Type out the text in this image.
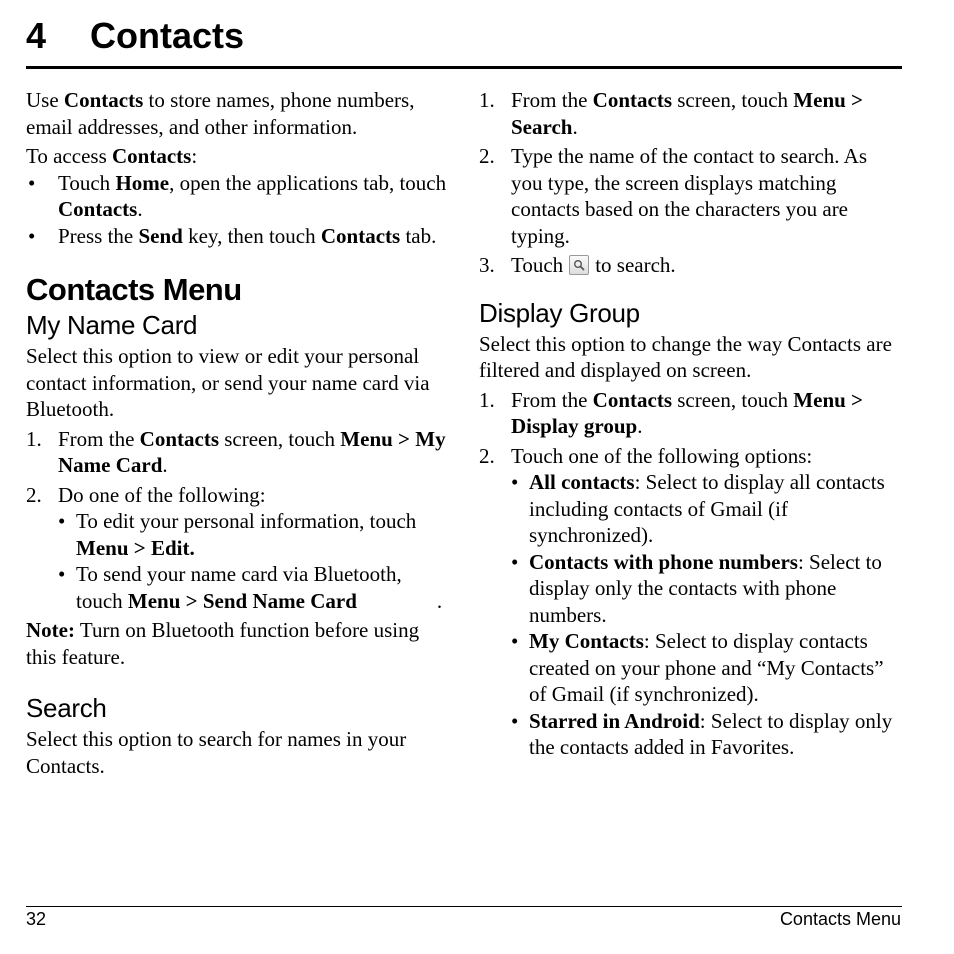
4 Contacts

Use Contacts to store names, phone numbers, email addresses, and other information.

To access Contacts:

• Touch Home, open the applications tab, touch Contacts.
• Press the Send key, then touch Contacts tab.
Contacts Menu
My Name Card

Select this option to view or edit your personal contact information, or send your name card via Bluetooth.

1. From the Contacts screen, touch Menu > My Name Card.
2. Do one of the following:
• To edit your personal information, touch Menu > Edit.
• To send your name card via Bluetooth, touch Menu > Send Name Card	.

Note: Turn on Bluetooth function before using this feature.

Search

Select this option to search for names in your Contacts.

1. From the Contacts screen, touch Menu > Search.
2. Type the name of the contact to search. As you type, the screen displays matching contacts based on the characters you are typing.
3. Touch to search.
Display Group

Select this option to change the way Contacts are filtered and displayed on screen.

1. From the Contacts screen, touch Menu > Display group.
2. Touch one of the following options:
• All contacts: Select to display all contacts including contacts of Gmail (if synchronized).
• Contacts with phone numbers: Select to display only the contacts with phone numbers.
• My Contacts: Select to display contacts created on your phone and “My Contacts” of Gmail (if synchronized).
• Starred in Android: Select to display only the contacts added in Favorites.
32	Contacts Menu
